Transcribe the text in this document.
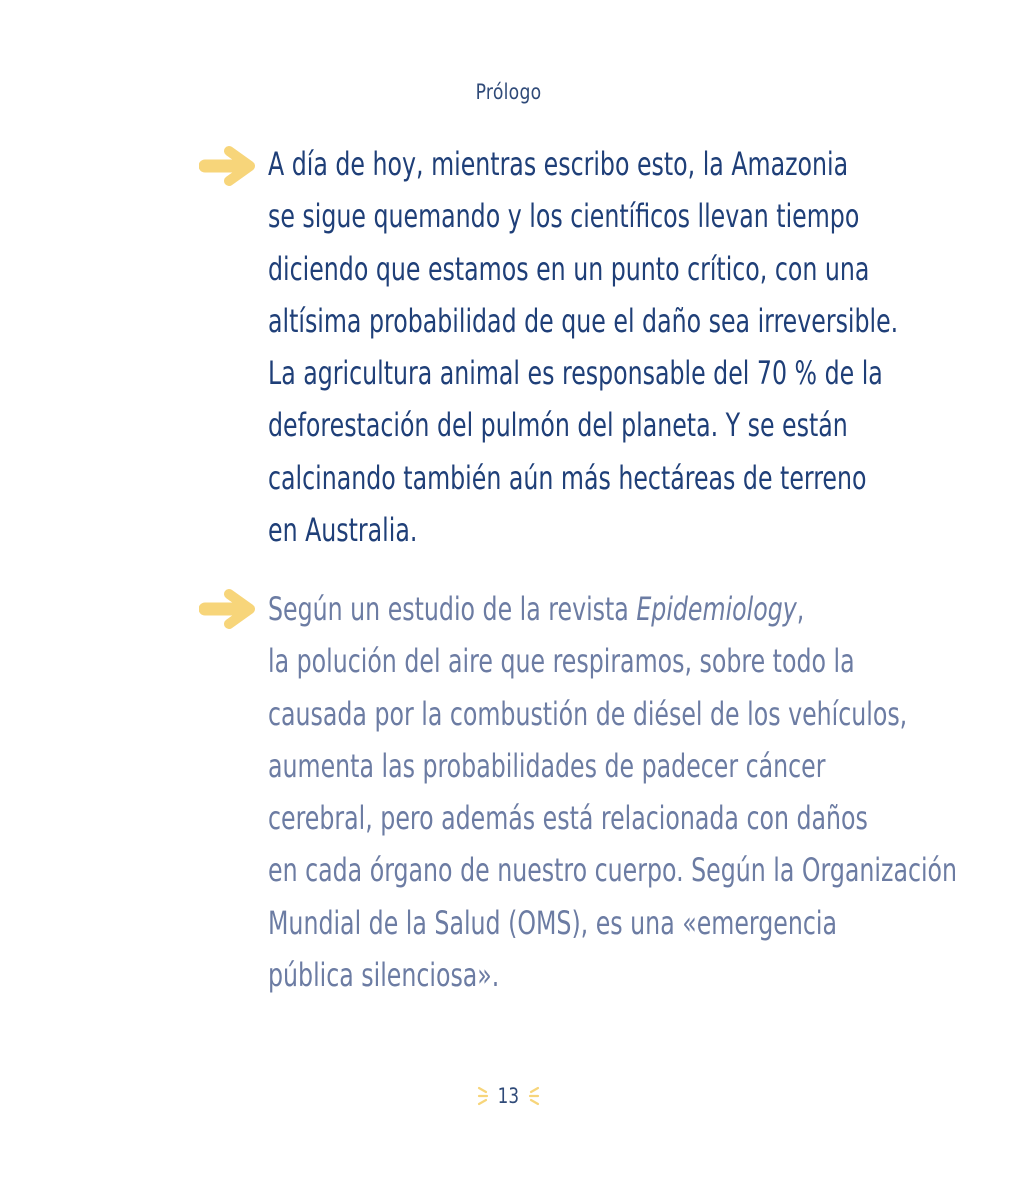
Prólogo
A día de hoy, mientras escribo esto, la Amazonia
se sigue quemando y los científicos llevan tiempo
diciendo que estamos en un punto crítico, con una
altísima probabilidad de que el daño sea irreversible.
La agricultura animal es responsable del 70 % de la
deforestación del pulmón del planeta. Y se están
calcinando también aún más hectáreas de terreno
en Australia.
Según un estudio de la revista Epidemiology,
la polución del aire que respiramos, sobre todo la
causada por la combustión de diésel de los vehículos,
aumenta las probabilidades de padecer cáncer
cerebral, pero además está relacionada con daños
en cada órgano de nuestro cuerpo. Según la Organización
Mundial de la Salud (OMS), es una «emergencia
pública silenciosa».
13
